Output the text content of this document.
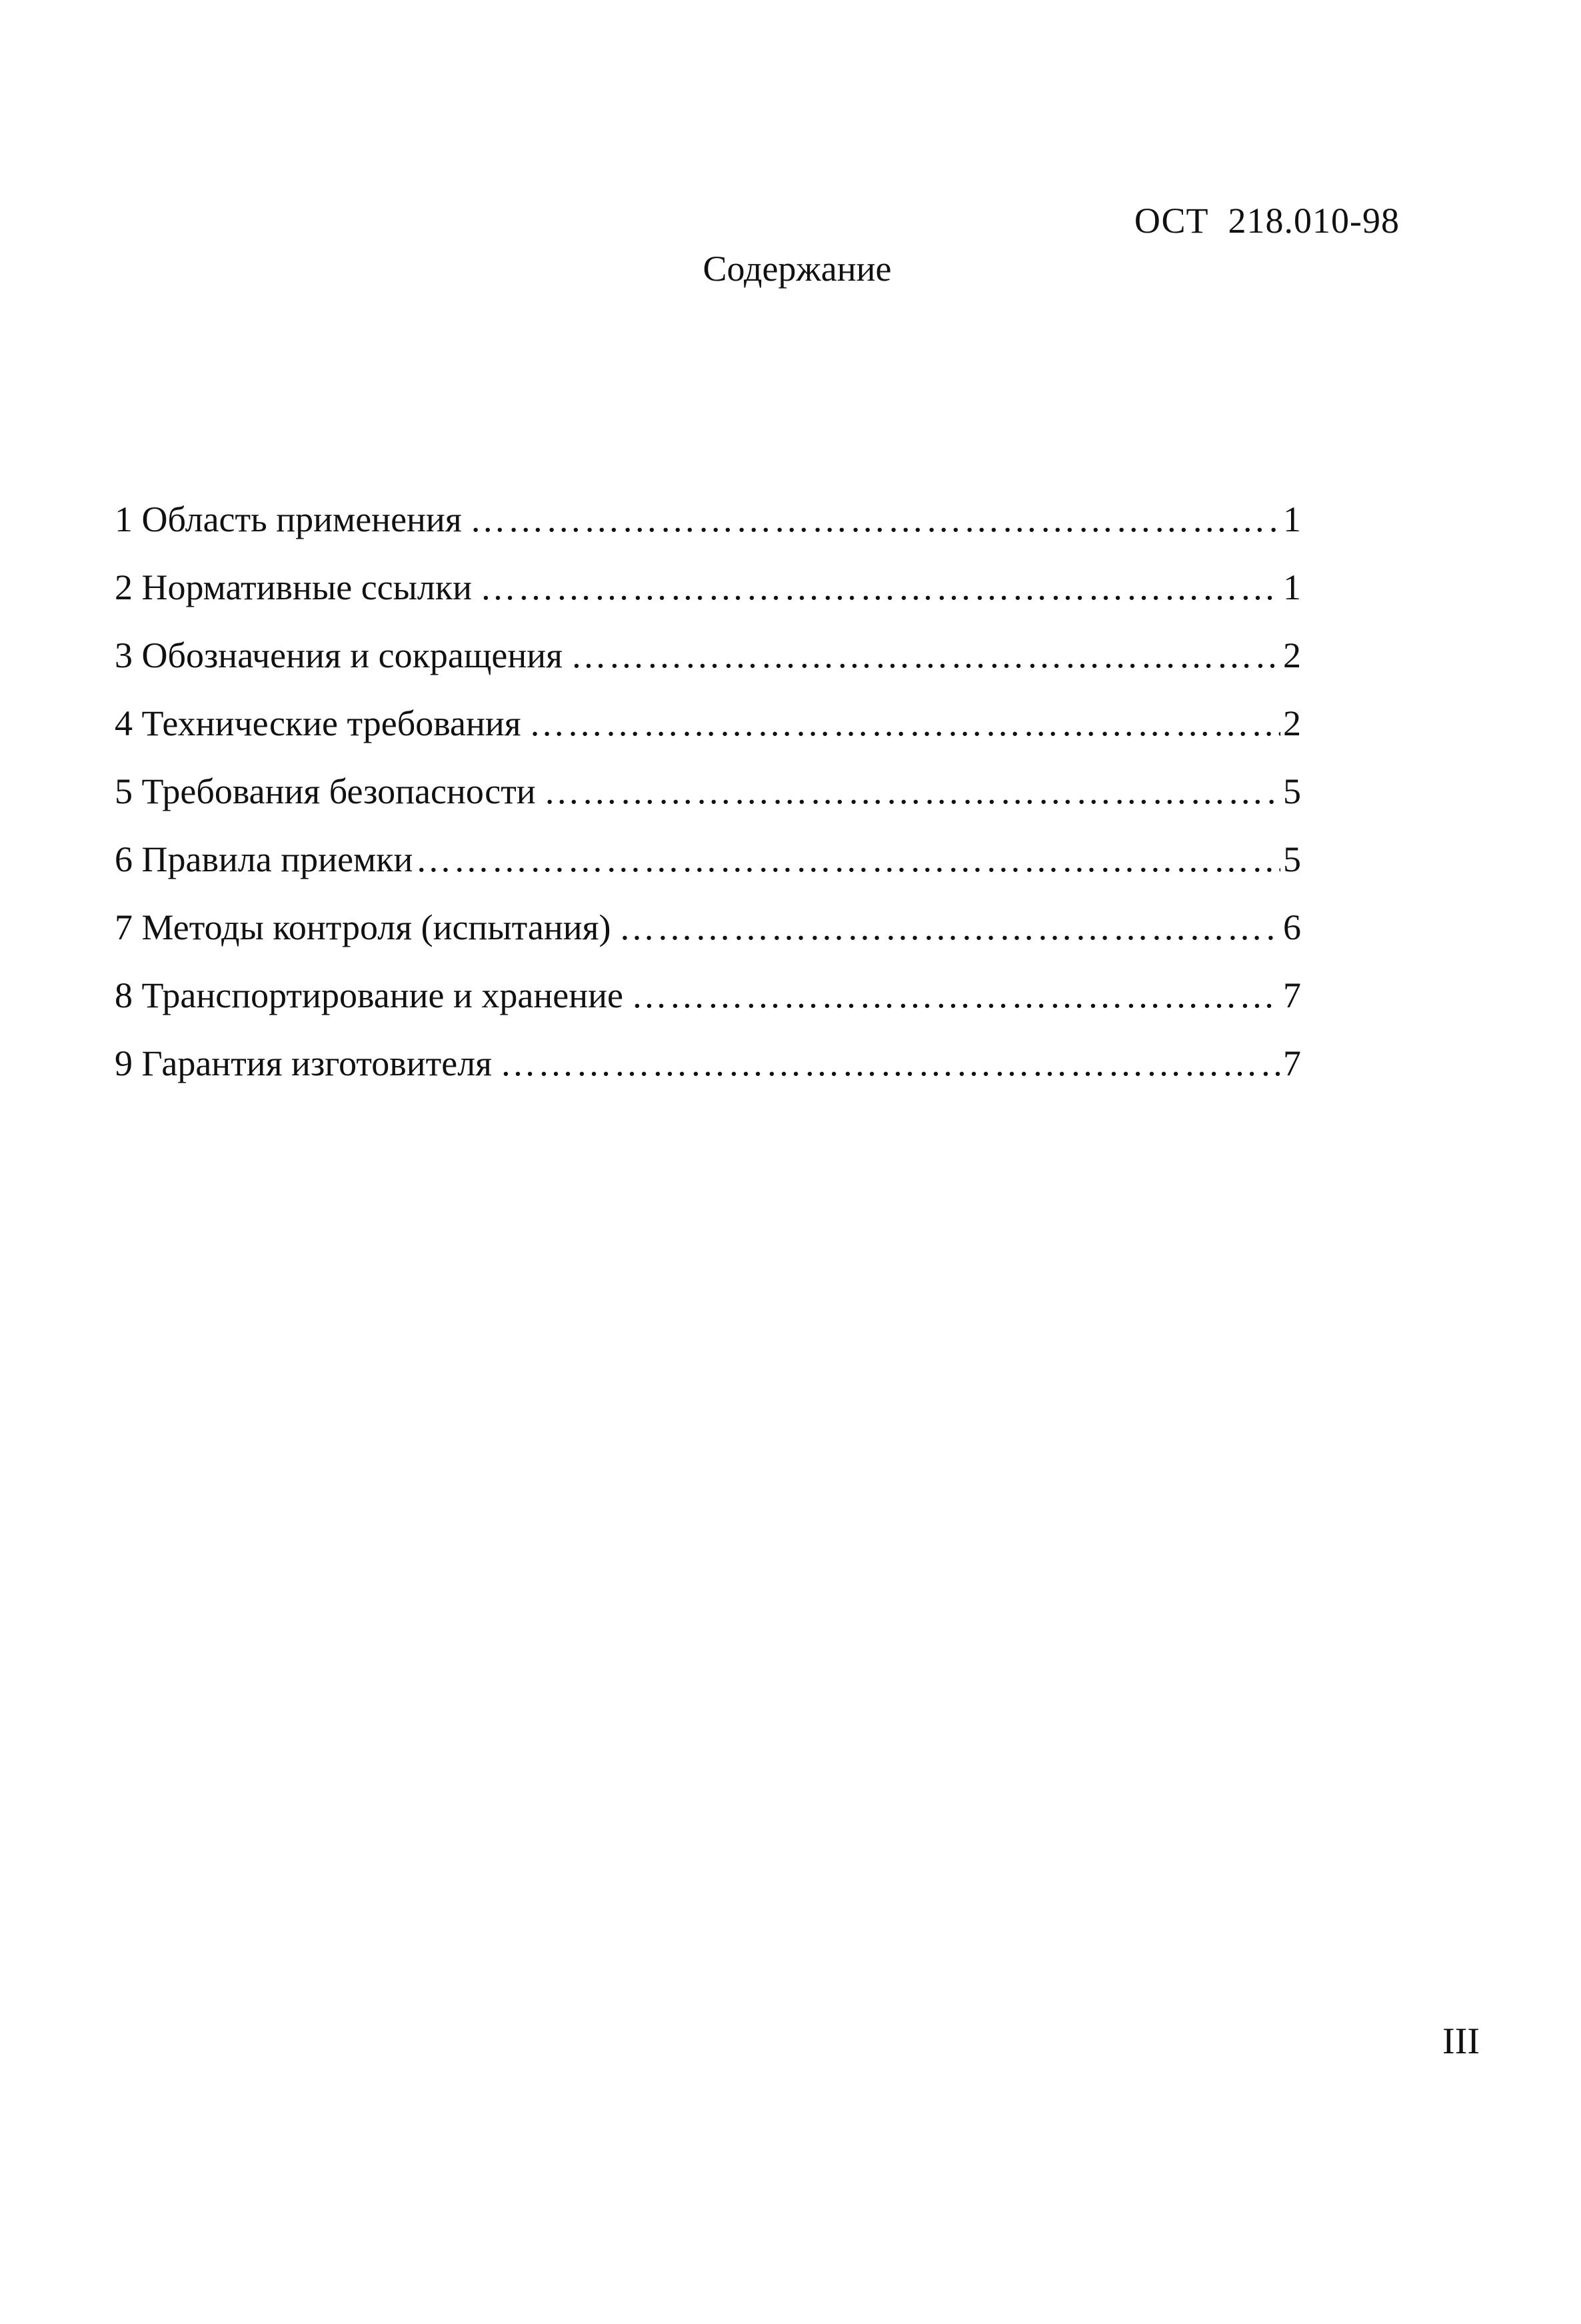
ОСТ  218.010-98
Содержание
1 Область применения ……………………………………………………………………………………………………………………………………………………	1
2 Нормативные ссылки ……………………………………………………………………………………………………………………………………………………	1
3 Обозначения и сокращения ……………………………………………………………………………………………………………………………………………………	2
4 Технические требования ……………………………………………………………………………………………………………………………………………………	2
5 Требования безопасности ……………………………………………………………………………………………………………………………………………………	5
6 Правила приемки ……………………………………………………………………………………………………………………………………………………	5
7 Методы контроля (испытания) ……………………………………………………………………………………………………………………………………………………	6
8 Транспортирование и хранение ……………………………………………………………………………………………………………………………………………………	7
9 Гарантия изготовителя ……………………………………………………………………………………………………………………………………………………	7
III
